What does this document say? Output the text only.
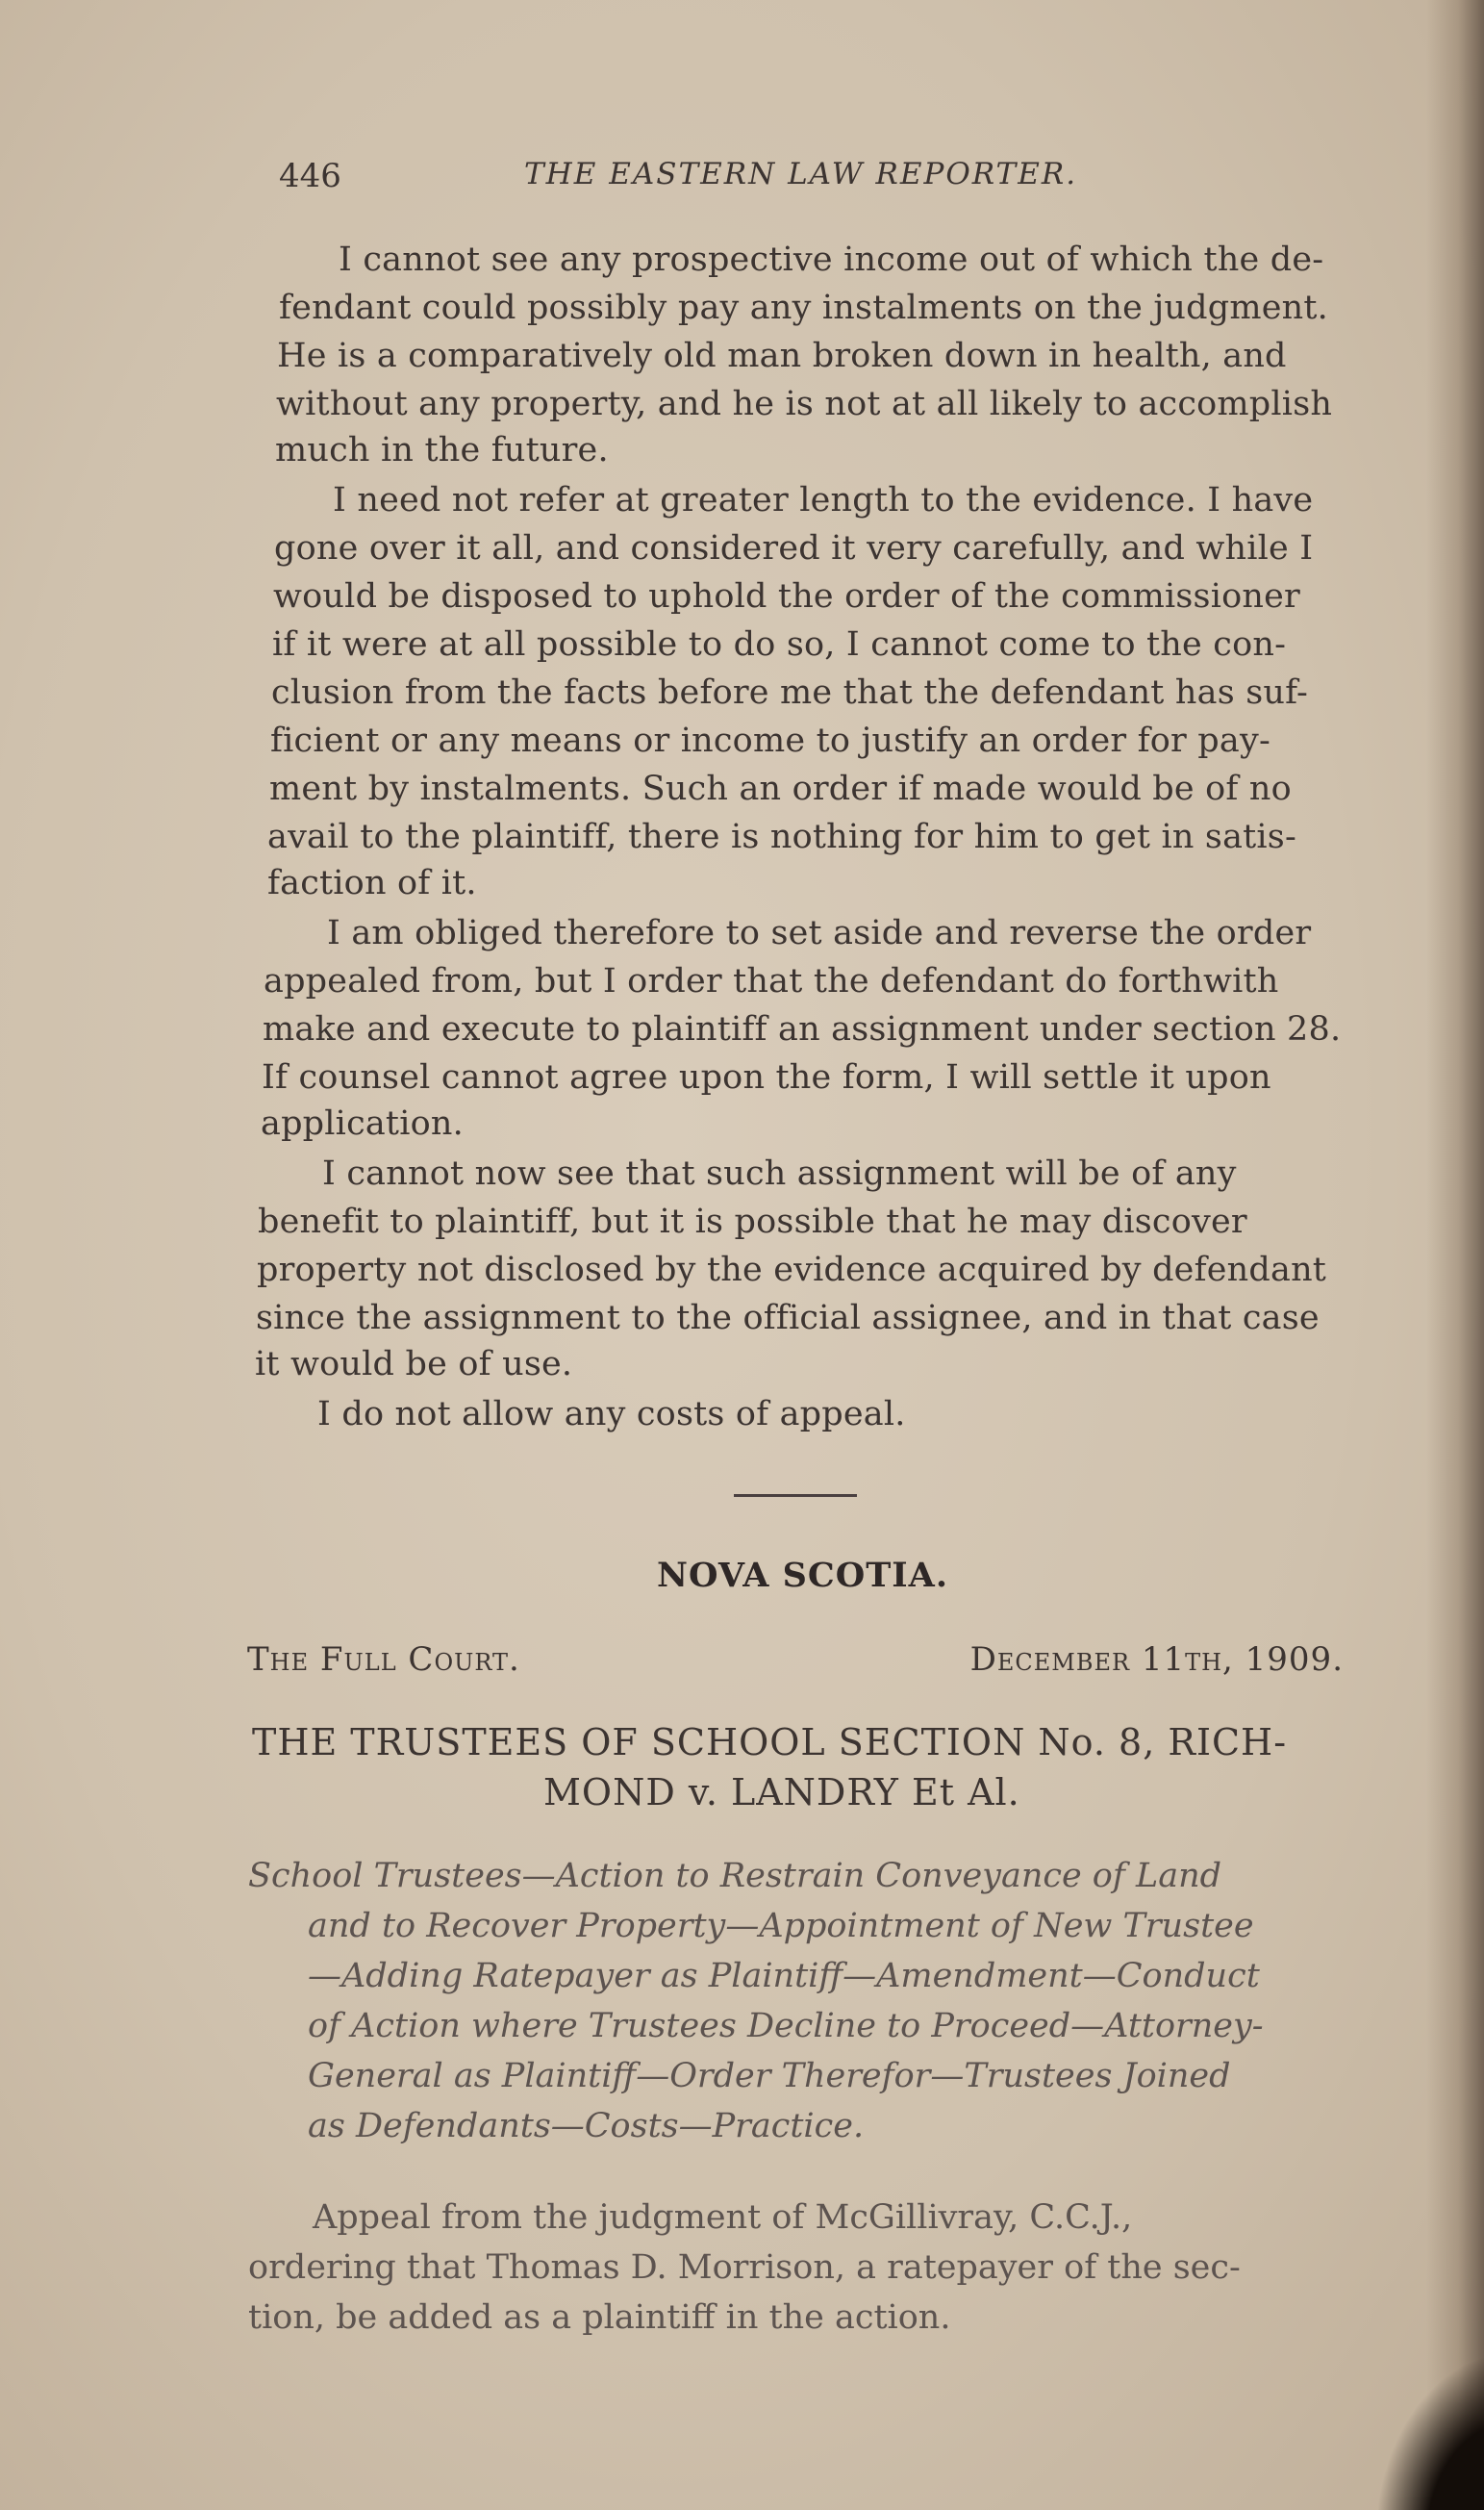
446	THE EASTERN LAW REPORTER.
I cannot see any prospective income out of which the de-
fendant could possibly pay any instalments on the judgment.
He is a comparatively old man broken down in health, and
without any property, and he is not at all likely to accomplish
much in the future.
I need not refer at greater length to the evidence. I have
gone over it all, and considered it very carefully, and while I
would be disposed to uphold the order of the commissioner
if it were at all possible to do so, I cannot come to the con-
clusion from the facts before me that the defendant has suf-
ficient or any means or income to justify an order for pay-
ment by instalments. Such an order if made would be of no
avail to the plaintiff, there is nothing for him to get in satis-
faction of it.
I am obliged therefore to set aside and reverse the order
appealed from, but I order that the defendant do forthwith
make and execute to plaintiff an assignment under section 28.
If counsel cannot agree upon the form, I will settle it upon
application.
I cannot now see that such assignment will be of any
benefit to plaintiff, but it is possible that he may discover
property not disclosed by the evidence acquired by defendant
since the assignment to the official assignee, and in that case
it would be of use.
I do not allow any costs of appeal.
NOVA SCOTIA.
The Full Court.	December 11th, 1909.
THE TRUSTEES OF SCHOOL SECTION No. 8, RICH-
MOND v. LANDRY Et Al.
School Trustees—Action to Restrain Conveyance of Land
and to Recover Property—Appointment of New Trustee
—Adding Ratepayer as Plaintiff—Amendment—Conduct
of Action where Trustees Decline to Proceed—Attorney-
General as Plaintiff—Order Therefor—Trustees Joined
as Defendants—Costs—Practice.
Appeal from the judgment of McGillivray, C.C.J.,
ordering that Thomas D. Morrison, a ratepayer of the sec-
tion, be added as a plaintiff in the action.
